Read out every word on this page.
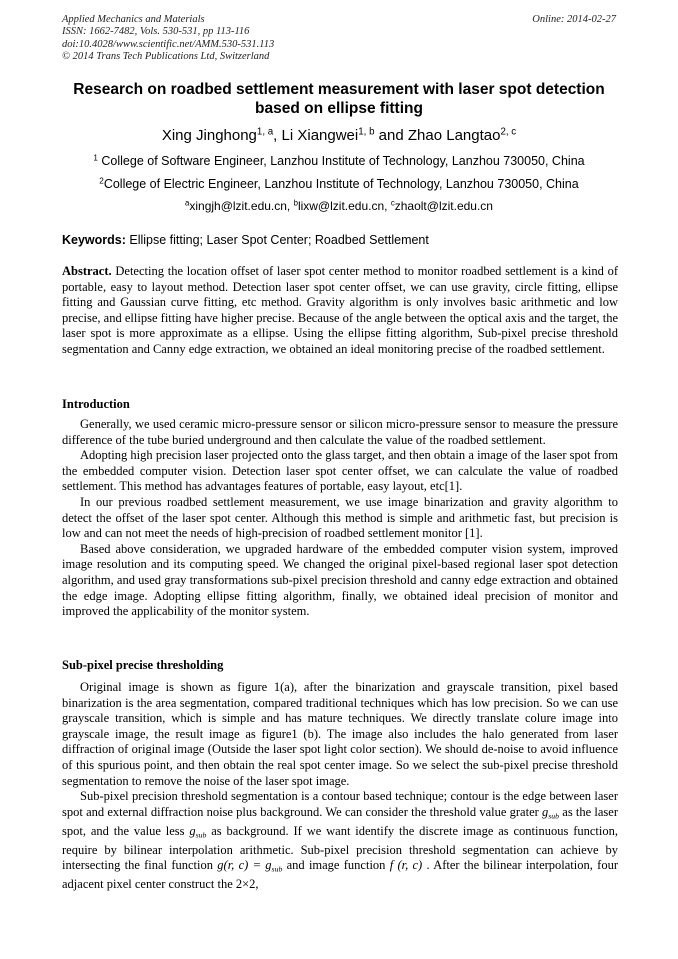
Applied Mechanics and Materials
ISSN: 1662-7482, Vols. 530-531, pp 113-116
doi:10.4028/www.scientific.net/AMM.530-531.113
© 2014 Trans Tech Publications Ltd, Switzerland
Online: 2014-02-27
Research on roadbed settlement measurement with laser spot detection based on ellipse fitting
Xing Jinghong$^{1, a}$, Li Xiangwei$^{1, b}$ and Zhao Langtao$^{2, c}$
$^1$ College of Software Engineer, Lanzhou Institute of Technology, Lanzhou 730050, China
$^2$College of Electric Engineer, Lanzhou Institute of Technology, Lanzhou 730050, China
$^a$xingjh@lzit.edu.cn, $^b$lixw@lzit.edu.cn, $^c$zhaolt@lzit.edu.cn
Keywords: Ellipse fitting; Laser Spot Center; Roadbed Settlement

Abstract. Detecting the location offset of laser spot center method to monitor roadbed settlement is a kind of portable, easy to layout method. Detection laser spot center offset, we can use gravity, circle fitting, ellipse fitting and Gaussian curve fitting, etc method. Gravity algorithm is only involves basic arithmetic and low precise, and ellipse fitting have higher precise. Because of the angle between the optical axis and the target, the laser spot is more approximate as a ellipse. Using the ellipse fitting algorithm, Sub-pixel precise threshold segmentation and Canny edge extraction, we obtained an ideal monitoring precise of the roadbed settlement.

Introduction

Generally, we used ceramic micro-pressure sensor or silicon micro-pressure sensor to measure the pressure difference of the tube buried underground and then calculate the value of the roadbed settlement.

Adopting high precision laser projected onto the glass target, and then obtain a image of the laser spot from the embedded computer vision. Detection laser spot center offset, we can calculate the value of roadbed settlement. This method has advantages features of portable, easy layout, etc[1].

In our previous roadbed settlement measurement, we use image binarization and gravity algorithm to detect the offset of the laser spot center. Although this method is simple and arithmetic fast, but precision is low and can not meet the needs of high-precision of roadbed settlement monitor [1].

Based above consideration, we upgraded hardware of the embedded computer vision system, improved image resolution and its computing speed. We changed the original pixel-based regional laser spot detection algorithm, and used gray transformations sub-pixel precision threshold and canny edge extraction and obtained the edge image. Adopting ellipse fitting algorithm, finally, we obtained ideal precision of monitor and improved the applicability of the monitor system.

Sub-pixel precise thresholding

Original image is shown as figure 1(a), after the binarization and grayscale transition, pixel based binarization is the area segmentation, compared traditional techniques which has low precision. So we can use grayscale transition, which is simple and has mature techniques. We directly translate colure image into grayscale image, the result image as figure1 (b). The image also includes the halo generated from laser diffraction of original image (Outside the laser spot light color section). We should de-noise to avoid influence of this spurious point, and then obtain the real spot center image. So we select the sub-pixel precise threshold segmentation to remove the noise of the laser spot image.

Sub-pixel precision threshold segmentation is a contour based technique; contour is the edge between laser spot and external diffraction noise plus background. We can consider the threshold value grater $g_{sub}$ as the laser spot, and the value less $g_{sub}$ as background. If we want identify the discrete image as continuous function, require by bilinear interpolation arithmetic. Sub-pixel precision threshold segmentation can achieve by intersecting the final function g(r, $c) = g_{sub}$ and image function f (r, c) . After the bilinear interpolation, four adjacent pixel center construct the 2×2,
